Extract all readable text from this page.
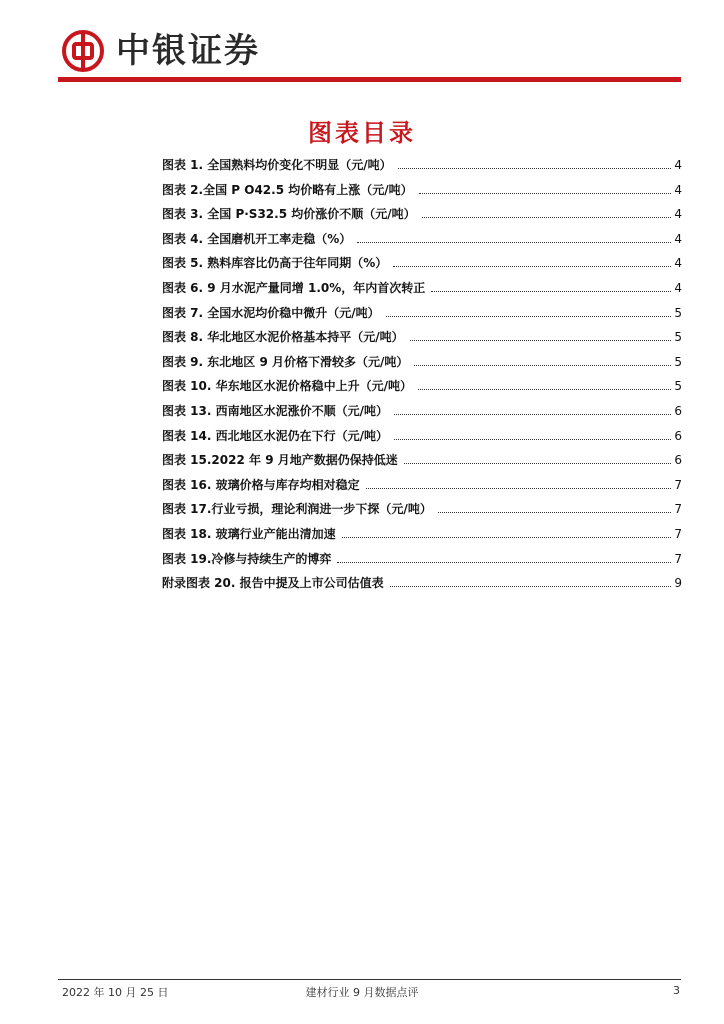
中银证券
图表目录
图表 1. 全国熟料均价变化不明显（元/吨）	4
图表 2.全国 P O42.5 均价略有上涨（元/吨）	4
图表 3. 全国 P·S32.5 均价涨价不顺（元/吨）	4
图表 4. 全国磨机开工率走稳（%）	4
图表 5. 熟料库容比仍高于往年同期（%）	4
图表 6. 9 月水泥产量同增 1.0%，年内首次转正	4
图表 7. 全国水泥均价稳中微升（元/吨）	5
图表 8. 华北地区水泥价格基本持平（元/吨）	5
图表 9. 东北地区 9 月价格下滑较多（元/吨）	5
图表 10. 华东地区水泥价格稳中上升（元/吨）	5
图表 13. 西南地区水泥涨价不顺（元/吨）	6
图表 14. 西北地区水泥仍在下行（元/吨）	6
图表 15.2022 年 9 月地产数据仍保持低迷	6
图表 16. 玻璃价格与库存均相对稳定	7
图表 17.行业亏损，理论利润进一步下探（元/吨）	7
图表 18. 玻璃行业产能出清加速	7
图表 19.冷修与持续生产的博弈	7
附录图表 20. 报告中提及上市公司估值表	9
2022 年 10 月 25 日	建材行业 9 月数据点评	3
